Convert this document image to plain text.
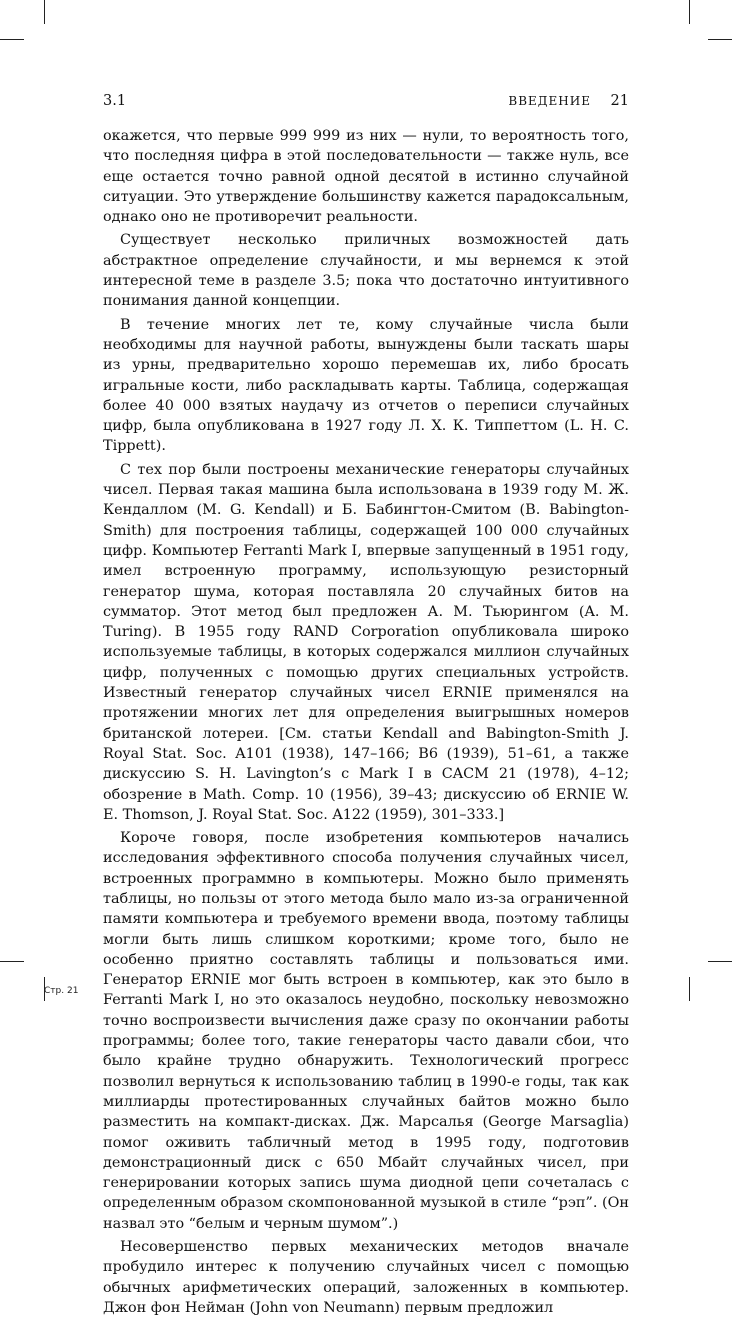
3.1	ВВЕДЕНИЕ 21

окажется, что первые 999 999 из них — нули, то вероятность того, что последняя цифра в этой последовательности — также нуль, все еще остается точно равной одной десятой в истинно случайной ситуации. Это утверждение большинству кажется парадоксальным, однако оно не противоречит реальности.

Существует несколько приличных возможностей дать абстрактное определение случайности, и мы вернемся к этой интересной теме в разделе 3.5; пока что достаточно интуитивного понимания данной концепции.

В течение многих лет те, кому случайные числа были необходимы для научной работы, вынуждены были таскать шары из урны, предварительно хорошо перемешав их, либо бросать игральные кости, либо раскладывать карты. Таблица, содержащая более 40 000 взятых наудачу из отчетов о переписи случайных цифр, была опубликована в 1927 году Л. Х. К. Типпеттом (L. H. C. Tippett).

С тех пор были построены механические генераторы случайных чисел. Первая такая машина была использована в 1939 году М. Ж. Кендаллом (M. G. Kendall) и Б. Бабингтон-Смитом (B. Babington-Smith) для построения таблицы, содержащей 100 000 случайных цифр. Компьютер Ferranti Mark I, впервые запущенный в 1951 году, имел встроенную программу, использующую резисторный генератор шума, которая поставляла 20 случайных битов на сумматор. Этот метод был предложен А. М. Тьюрингом (A. M. Turing). В 1955 году RAND Corporation опубликовала широко используемые таблицы, в которых содержался миллион случайных цифр, полученных с помощью других специальных устройств. Известный генератор случайных чисел ERNIE применялся на протяжении многих лет для определения выигрышных номеров британской лотереи. [См. статьи Kendall and Babington-Smith J. Royal Stat. Soc. A101 (1938), 147–166; B6 (1939), 51–61, а также дискуссию S. H. Lavington’s с Mark I в CACM 21 (1978), 4–12; обозрение в Math. Comp. 10 (1956), 39–43; дискуссию об ERNIE W. E. Thomson, J. Royal Stat. Soc. A122 (1959), 301–333.]

Короче говоря, после изобретения компьютеров начались исследования эффективного способа получения случайных чисел, встроенных программно в компьютеры. Можно было применять таблицы, но пользы от этого метода было мало из-за ограниченной памяти компьютера и требуемого времени ввода, поэтому таблицы могли быть лишь слишком короткими; кроме того, было не особенно приятно составлять таблицы и пользоваться ими. Генератор ERNIE мог быть встроен в компьютер, как это было в Ferranti Mark I, но это оказалось неудобно, поскольку невозможно точно воспроизвести вычисления даже сразу по окончании работы программы; более того, такие генераторы часто давали сбои, что было крайне трудно обнаружить. Технологический прогресс позволил вернуться к использованию таблиц в 1990-е годы, так как миллиарды протестированных случайных байтов можно было разместить на компакт-дисках. Дж. Марсалья (George Marsaglia) помог оживить табличный метод в 1995 году, подготовив демонстрационный диск с 650 Мбайт случайных чисел, при генерировании которых запись шума диодной цепи сочеталась с определенным образом скомпонованной музыкой в стиле “рэп”. (Он назвал это “белым и черным шумом”.)

Несовершенство первых механических методов вначале пробудило интерес к получению случайных чисел с помощью обычных арифметических операций, заложенных в компьютер. Джон фон Нейман (John von Neumann) первым предложил

Стр. 21
